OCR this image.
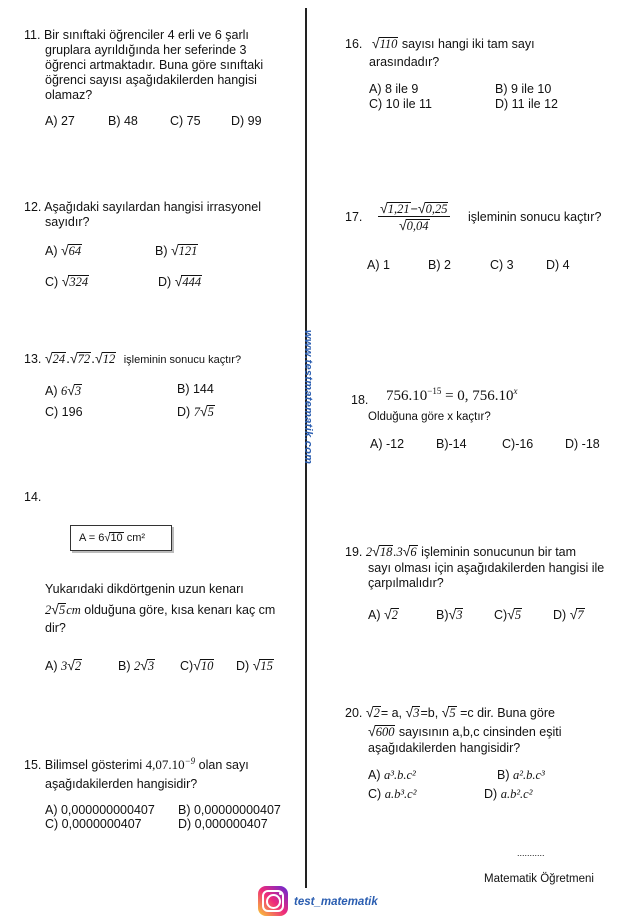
www.testmatematik.com
11. Bir sınıftaki öğrenciler 4 erli ve 6 şarlı
gruplara ayrıldığında her seferinde 3
öğrenci artmaktadır. Buna göre sınıftaki
öğrenci sayısı aşağıdakilerden hangisi
olamaz?
A) 27	B) 48	C) 75 D) 99
12. Aşağıdaki sayılardan hangisi irrasyonel
sayıdır?
A) √64	B) √121
C) √324	D) √444
13. √24.√72.√12 işleminin sonucu kaçtır?
A) 6√3	B) 144
C) 196	D) 7√5
14.
A = 6√10 cm²
Yukarıdaki dikdörtgenin uzun kenarı
2√5cm olduğuna göre, kısa kenarı kaç cm
dir?
A) 3√2	B) 2√3 C)√10 D) √15
15. Bilimsel gösterimi $4,07.10^{-9}$ olan sayı
aşağıdakilerden hangisidir?
A) 0,000000000407 B) 0,00000000407
C) 0,0000000407	D) 0,000000407
16. √110 sayısı hangi iki tam sayı
arasındadır?
A) 8 ile 9	B) 9 ile 10
C) 10 ile 11	D) 11 ile 12
17. $\frac{√1,21-√0,25}{√0,04}$ işleminin sonucu kaçtır?
A) 1	B) 2	C) 3	D) 4
18. $756.10^{-15} = 0$, 756.10$^x$
Olduğuna göre x kaçtır?
A) -12	B)-14	C)-16	D) -18
19. 2√18.3√6 işleminin sonucunun bir tam
sayı olması için aşağıdakilerden hangisi ile
çarpılmalıdır?
A) √2	B)√3	C)√5	D) √7
20. √2= a, √3=b, √5 =c dir. Buna göre
√600 sayısının a,b,c cinsinden eşiti
aşağıdakilerden hangisidir?
A) a³.b.c²	B) a².b.c³
C) a.b³.c²	D) a.b².c²
...........
Matematik Öğretmeni
test_matematik
